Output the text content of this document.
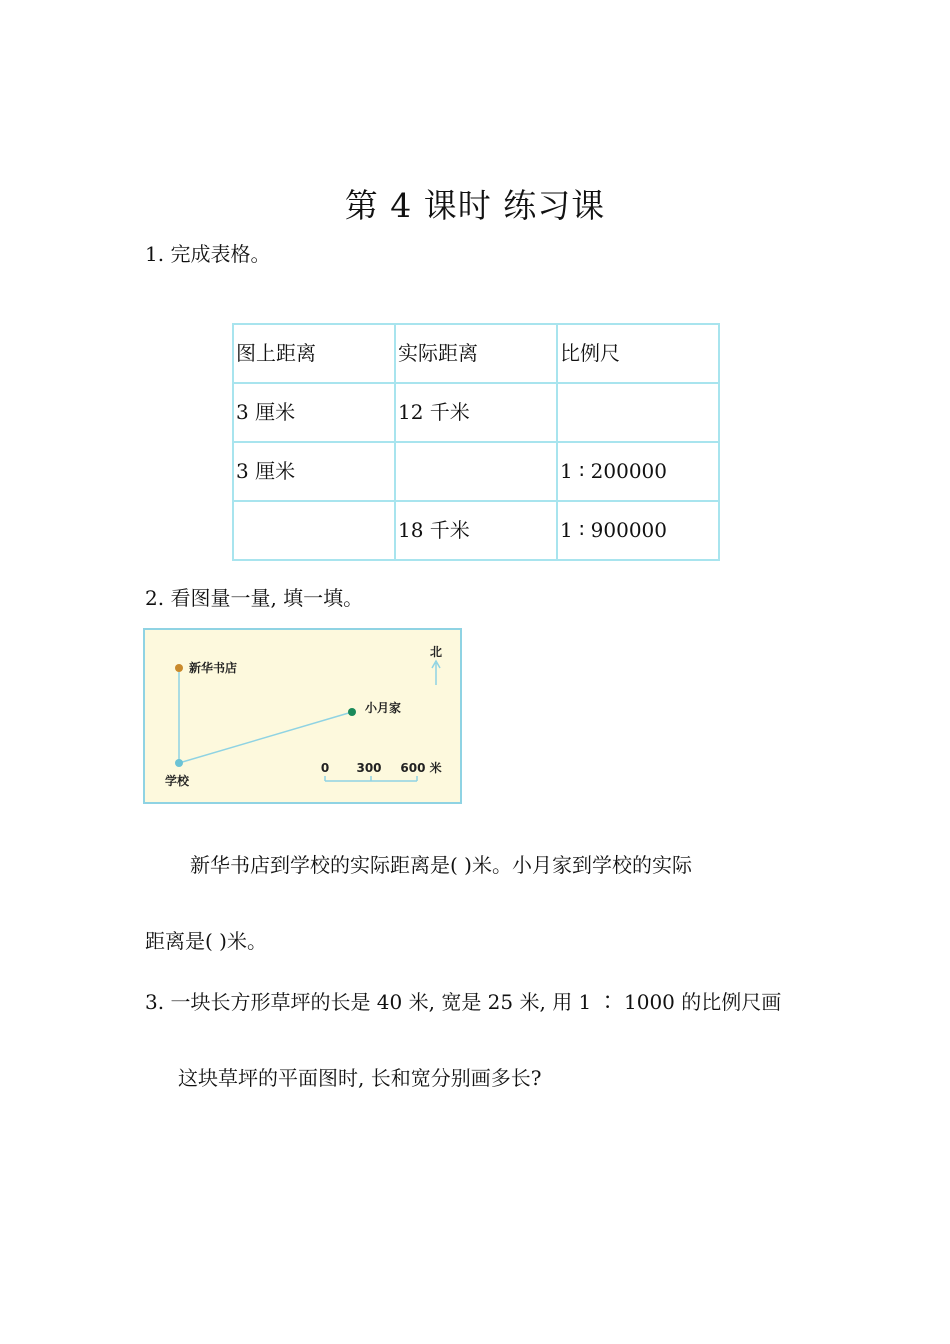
第 4 课时 练习课
1. 完成表格。
图上距离	实际距离	比例尺
3 厘米	12 千米	
3 厘米		1 ∶ 200000
	18 千米	1 ∶ 900000
2. 看图量一量, 填一填。
新华书店
小月家
学校
北
0 300 600 米
新华书店到学校的实际距离是( )米。小月家到学校的实际
距离是( )米。
3. 一块长方形草坪的长是 40 米, 宽是 25 米, 用 1 ∶ 1000 的比例尺画
这块草坪的平面图时, 长和宽分别画多长?
